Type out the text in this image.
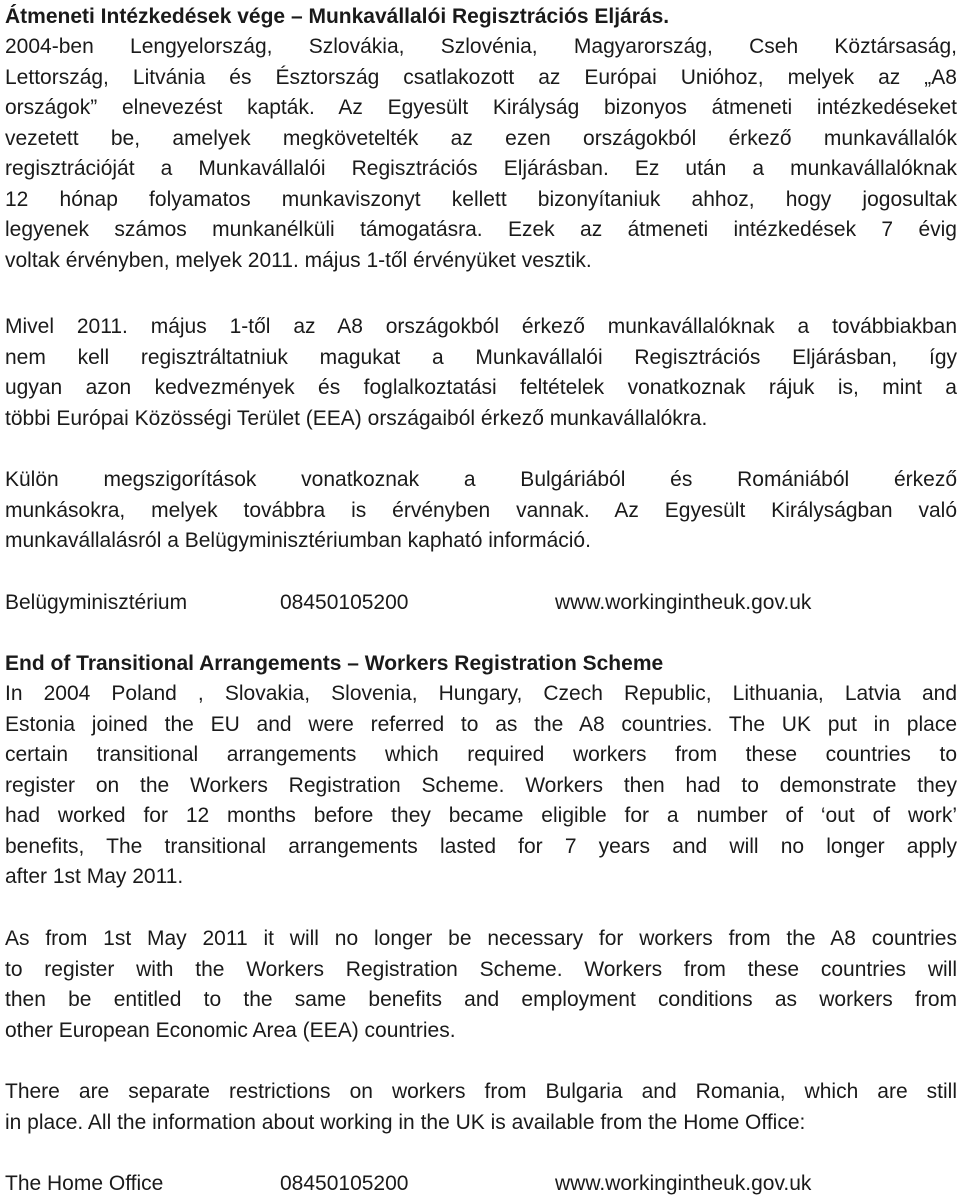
Átmeneti Intézkedések vége – Munkavállalói Regisztrációs Eljárás.
2004-ben Lengyelország, Szlovákia, Szlovénia, Magyarország, Cseh Köztársaság,
Lettország, Litvánia és Észtország csatlakozott az Európai Unióhoz, melyek az „A8
országok” elnevezést kapták. Az Egyesült Királyság bizonyos átmeneti intézkedéseket
vezetett be, amelyek megkövetelték az ezen országokból érkező munkavállalók
regisztrációját a Munkavállalói Regisztrációs Eljárásban. Ez után a munkavállalóknak
12 hónap folyamatos munkaviszonyt kellett bizonyítaniuk ahhoz, hogy jogosultak
legyenek számos munkanélküli támogatásra. Ezek az átmeneti intézkedések 7 évig
voltak érvényben, melyek 2011. május 1-től érvényüket vesztik.
Mivel 2011. május 1-től az A8 országokból érkező munkavállalóknak a továbbiakban
nem kell regisztráltatniuk magukat a Munkavállalói Regisztrációs Eljárásban, így
ugyan azon kedvezmények és foglalkoztatási feltételek vonatkoznak rájuk is, mint a
többi Európai Közösségi Terület (EEA) országaiból érkező munkavállalókra.
Külön megszigorítások vonatkoznak a Bulgáriából és Romániából érkező
munkásokra, melyek továbbra is érvényben vannak. Az Egyesült Királyságban való
munkavállalásról a Belügyminisztériumban kapható információ.
Belügyminisztérium	08450105200	www.workingintheuk.gov.uk
End of Transitional Arrangements – Workers Registration Scheme
In 2004 Poland , Slovakia, Slovenia, Hungary, Czech Republic, Lithuania, Latvia and
Estonia joined the EU and were referred to as the A8 countries. The UK put in place
certain transitional arrangements which required workers from these countries to
register on the Workers Registration Scheme. Workers then had to demonstrate they
had worked for 12 months before they became eligible for a number of ‘out of work’
benefits, The transitional arrangements lasted for 7 years and will no longer apply
after 1st May 2011.
As from 1st May 2011 it will no longer be necessary for workers from the A8 countries
to register with the Workers Registration Scheme. Workers from these countries will
then be entitled to the same benefits and employment conditions as workers from
other European Economic Area (EEA) countries.
There are separate restrictions on workers from Bulgaria and Romania, which are still
in place. All the information about working in the UK is available from the Home Office:
The Home Office	08450105200	www.workingintheuk.gov.uk
